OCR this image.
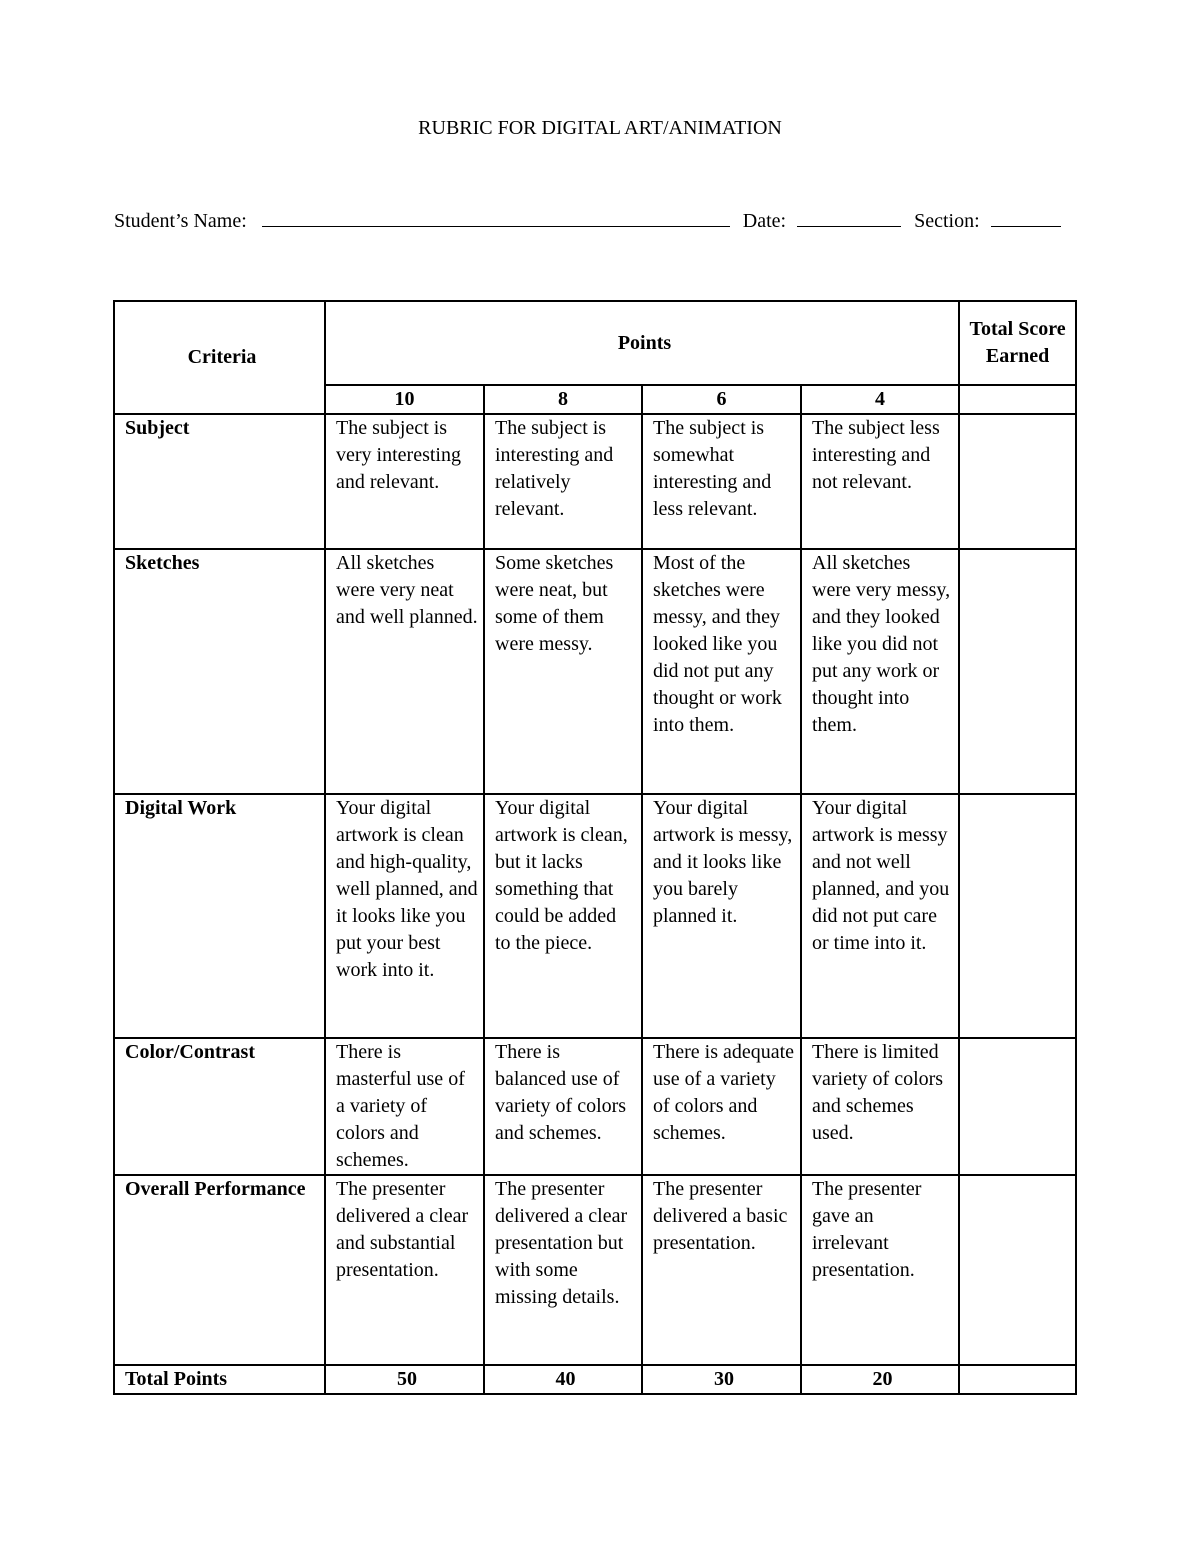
RUBRIC FOR DIGITAL ART/ANIMATION
Student’s Name:	Date:	Section:
Criteria	Points				Total Score Earned
	10	8	6	4	
Subject	The subject is very interesting and relevant.	The subject is interesting and relatively relevant.	The subject is somewhat interesting and less relevant.	The subject less interesting and not relevant.	
Sketches	All sketches were very neat and well planned.	Some sketches were neat, but some of them were messy.	Most of the sketches were messy, and they looked like you did not put any thought or work into them.	All sketches were very messy, and they looked like you did not put any work or thought into them.	
Digital Work	Your digital artwork is clean and high-quality, well planned, and it looks like you put your best work into it.	Your digital artwork is clean, but it lacks something that could be added to the piece.	Your digital artwork is messy, and it looks like you barely planned it.	Your digital artwork is messy and not well planned, and you did not put care or time into it.	
Color/Contrast	There is masterful use of a variety of colors and schemes.	There is balanced use of variety of colors and schemes.	There is adequate use of a variety of colors and schemes.	There is limited variety of colors and schemes used.	
Overall Performance	The presenter delivered a clear and substantial presentation.	The presenter delivered a clear presentation but with some missing details.	The presenter delivered a basic presentation.	The presenter gave an irrelevant presentation.	
Total Points	50	40	30	20	
